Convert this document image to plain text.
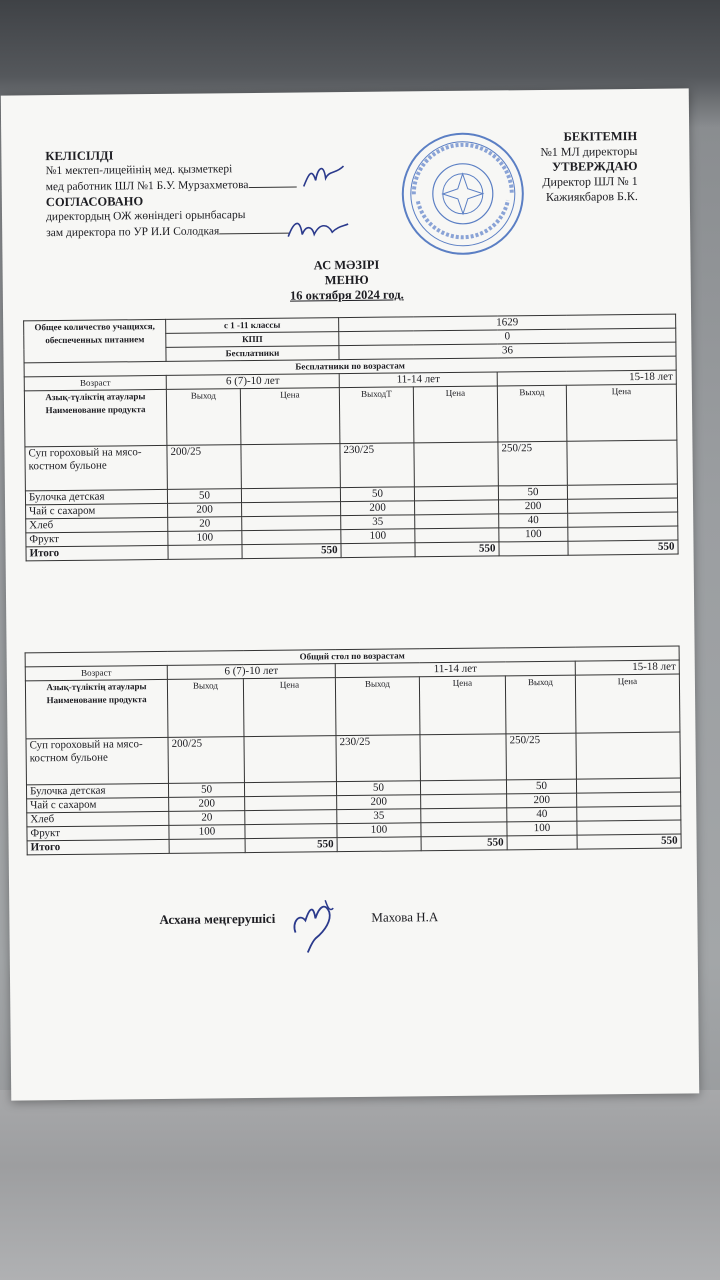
КЕЛІСІЛДІ
№1 мектеп-лицейінің мед. қызметкері
мед работник ШЛ №1 Б.У. Мурзахметова
СОГЛАСОВАНО
директордың ОЖ жөніндегі орынбасары
зам директора по УР И.И Солодкая
БЕКІТЕМІН
№1 МЛ директоры
УТВЕРЖДАЮ
Директор ШЛ № 1
Кажиякбаров Б.К.
АС МӘЗІРІ
МЕНЮ
16 октября 2024 год.
Общее количество учащихся, обеспеченных питанием	с 1 -11 классы		1629			
	КПП		0			
	Бесплатники		36			
Бесплатники по возрастам						
Возраст	6 (7)-10 лет		11-14 лет		15-18 лет	
Азық-түліктің атаулары Наименование продукта	Выход	Цена	ВыходТ	Цена	Выход	Цена
Суп гороховый на мясо-костном бульоне	200/25		230/25		250/25	
Булочка детская	50		50		50	
Чай с сахаром	200		200		200	
Хлеб	20		35		40	
Фрукт	100		100		100	
Итого		550		550		550
Общий стол по возрастам						
Возраст	6 (7)-10 лет		11-14 лет			15-18 лет
Азық-түліктің атаулары Наименование продукта	Выход	Цена	Выход	Цена	Выход	Цена
Суп гороховый на мясо-костном бульоне	200/25		230/25		250/25	
Булочка детская	50		50		50	
Чай с сахаром	200		200		200	
Хлеб	20		35		40	
Фрукт	100		100		100	
Итого		550		550		550
Асхана меңгерушісі	Махова Н.А
